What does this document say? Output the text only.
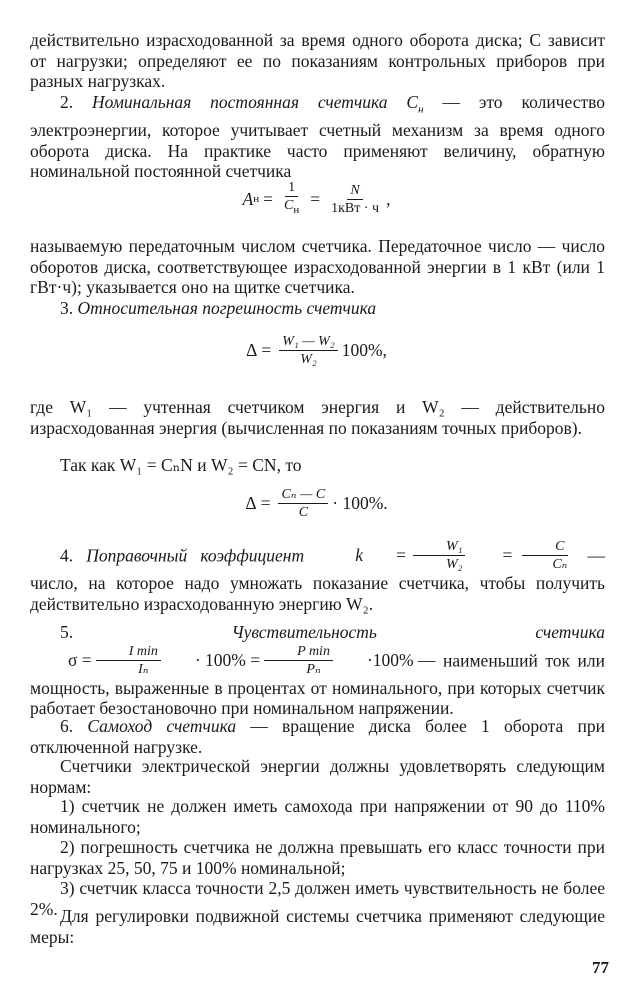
действительно израсходованной за время одного оборота диска; C зависит от нагрузки; определяют ее по показаниям контрольных приборов при разных нагрузках.

2. Номинальная постоянная счетчика $C_н$ — это количество электроэнергии, которое учитывает счетный механизм за время одного оборота диска. На практике часто применяют величину, обратную номинальной постоянной счетчика

A $н = \frac{1}{C_н} = \frac{N}{\text{1кВт · ч}}$ ,

называемую передаточным числом счетчика. Передаточное число — число оборотов диска, соответствующее израсходованной энергии в 1 кВт (или 1 гВт·ч); указывается оно на щитке счетчика.

3. Относительная погрешность счетчика

$\Delta = \frac{\text{W₁ — W₂}}{\text{W₂}} 100\%$,

где W₁ — учтенная счетчиком энергия и W₂ — действительно израсходованная энергия (вычисленная по показаниям точных приборов).

Так как W₁ = CₙN и W₂ = CN, то

$\Delta = \frac{\text{Cₙ — C}}{C} \cdot 100\%$.

4. Поправочный коэффициент	k	= $\frac{\text{W₁}}{\text{W₂}}$	= $\frac{C}{\text{Cₙ}}$ — число, на которое надо умножать показание счетчика, чтобы получить действительно израсходованную энергию W₂.

5.	Чувствительность счетчика
$\sigma = \frac{\text{I min}}{\text{Iₙ}}$	· $100\% = \frac{\text{P min}}{\text{Pₙ}}$	·100% — наименьший ток или мощность, выраженные в процентах от номинального, при которых счетчик работает безостановочно при номинальном напряжении.

6. Самоход счетчика — вращение диска более 1 оборота при отключенной нагрузке.

Счетчики электрической энергии должны удовлетворять следующим нормам:

1) счетчик не должен иметь самохода при напряжении от 90 до 110% номинального;

2) погрешность счетчика не должна превышать его класс точности при нагрузках 25, 50, 75 и 100% номинальной;

3) счетчик класса точности 2,5 должен иметь чувствительность не более 2%. Для регулировки подвижной системы счетчика применяют следующие меры:

77
